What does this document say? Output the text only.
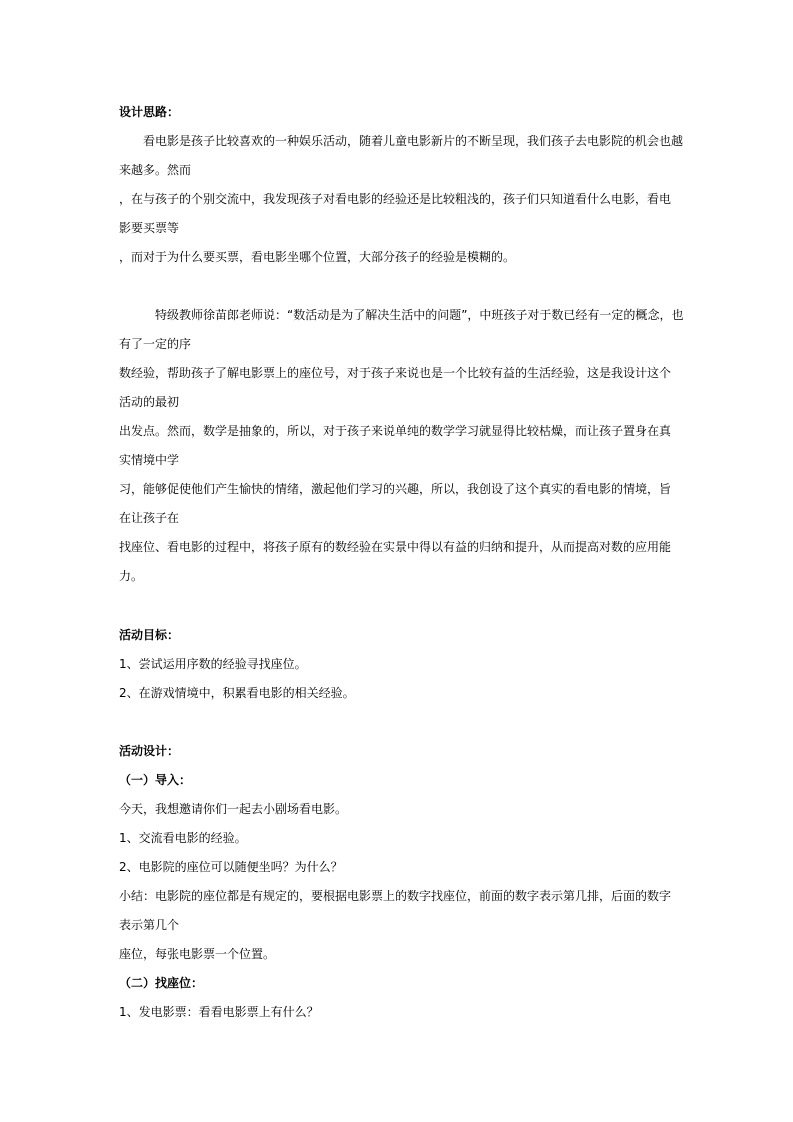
设计思路：
　　看电影是孩子比较喜欢的一种娱乐活动，随着儿童电影新片的不断呈现，我们孩子去电影院的机会也越
来越多。然而
，在与孩子的个别交流中，我发现孩子对看电影的经验还是比较粗浅的，孩子们只知道看什么电影，看电
影要买票等
，而对于为什么要买票，看电影坐哪个位置，大部分孩子的经验是模糊的。
　　　特级教师徐苗郎老师说：“数活动是为了解决生活中的问题”，中班孩子对于数已经有一定的概念，也
有了一定的序
数经验，帮助孩子了解电影票上的座位号，对于孩子来说也是一个比较有益的生活经验，这是我设计这个
活动的最初
出发点。然而，数学是抽象的，所以，对于孩子来说单纯的数学学习就显得比较枯燥，而让孩子置身在真
实情境中学
习，能够促使他们产生愉快的情绪，激起他们学习的兴趣，所以，我创设了这个真实的看电影的情境，旨
在让孩子在
找座位、看电影的过程中，将孩子原有的数经验在实景中得以有益的归纳和提升，从而提高对数的应用能
力。
活动目标：
1、尝试运用序数的经验寻找座位。
2、在游戏情境中，积累看电影的相关经验。
活动设计：
（一）导入：
今天，我想邀请你们一起去小剧场看电影。
1、交流看电影的经验。
2、电影院的座位可以随便坐吗？为什么？
小结：电影院的座位都是有规定的，要根据电影票上的数字找座位，前面的数字表示第几排，后面的数字
表示第几个
座位，每张电影票一个位置。
（二）找座位：
1、发电影票：看看电影票上有什么？
